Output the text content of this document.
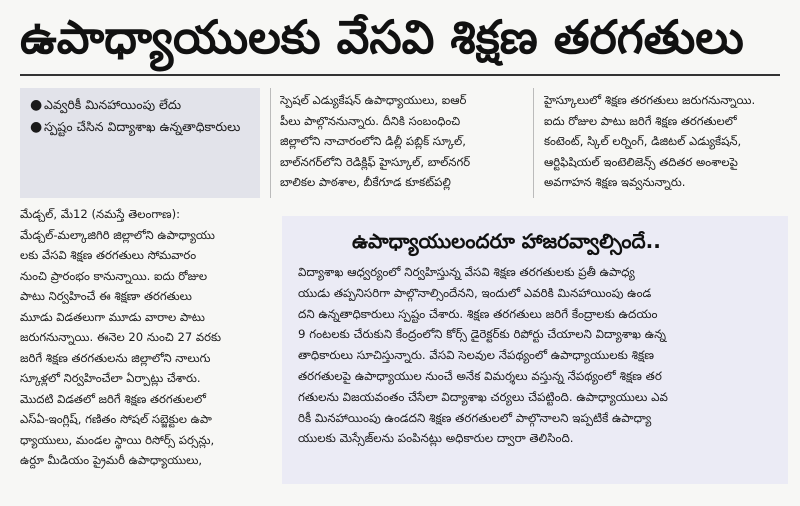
ఉపాధ్యాయులకు వేసవి శిక్షణ తరగతులు
● ఎవ్వరికీ మినహాయింపు లేదు
● స్పష్టం చేసిన విద్యాశాఖ ఉన్నతాధికారులు
మేడ్చల్, మే12 (నమస్తే తెలంగాణ):
మేడ్చల్-మల్కాజిగిరి జిల్లాలోని ఉపాధ్యాయు
లకు వేసవి శిక్షణ తరగతులు సోమవారం
నుంచి ప్రారంభం కానున్నాయి. ఐదు రోజుల
పాటు నిర్వహించే ఈ శిక్షణా తరగతులు
మూడు విడతలుగా మూడు వారాల పాటు
జరుగనున్నాయి. ఈనెల 20 నుంచి 27 వరకు
జరిగే శిక్షణ తరగతులను జిల్లాలోని నాలుగు
స్కూళ్లలో నిర్వహించేలా ఏర్పాట్లు చేశారు.
మొదటి విడతలో జరిగే శిక్షణ తరగతులలో
ఎస్‌ఏ-ఇంగ్లిష్, గణితం సోషల్ సబ్జెక్టుల ఉపా
ధ్యాయులు, మండల స్థాయి రిసోర్స్ పర్సన్లు,
ఉర్దూ మీడియం ప్రైమరీ ఉపాధ్యాయులు,
స్పెషల్ ఎడ్యుకేషన్ ఉపాధ్యాయులు, ఐఆర్
పీలు పాల్గొననున్నారు. దీనికి సంబంధించి
జిల్లాలోని నాచారంలోని డిల్లీ పబ్లిక్ స్కూల్,
బాల్‌నగర్‌లోని రెడిక్లిఫ్ హైస్కూల్, బాల్‌నగర్
బాలికల పాఠశాల, బీకేగూడ కూకట్‌పల్లి
హైస్కూలులో శిక్షణ తరగతులు జరుగనున్నాయి.
ఐదు రోజుల పాటు జరిగే శిక్షణ తరగతులలో
కంటెంట్, స్కిల్ లర్నింగ్, డిజిటల్ ఎడ్యుకేషన్,
ఆర్టిఫిషియల్ ఇంటెలిజెన్స్ తదితర అంశాలపై
అవగాహన శిక్షణ ఇవ్వనున్నారు.
ఉపాధ్యాయులందరూ హాజరవ్వాల్సిందే..
విద్యాశాఖ ఆధ్వర్యంలో నిర్వహిస్తున్న వేసవి శిక్షణ తరగతులకు ప్రతీ ఉపాధ్య
యుడు తప్పనిసరిగా పాల్గొనాల్సిందేనని, ఇందులో ఎవరికి మినహాయింపు ఉండ
దని ఉన్నతాధికారులు స్పష్టం చేశారు. శిక్షణ తరగతులు జరిగే కేంద్రాలకు ఉదయం
9 గంటలకు చేరుకుని కేంద్రంలోని కోర్స్ డైరెక్టర్‌కు రిపోర్టు చేయాలని విద్యాశాఖ ఉన్న
తాధికారులు సూచిస్తున్నారు. వేసవి సెలవుల నేపథ్యంలో ఉపాధ్యాయులకు శిక్షణ
తరగతులపై ఉపాధ్యాయుల నుంచే అనేక విమర్శలు వస్తున్న నేపథ్యంలో శిక్షణ తర
గతులను విజయవంతం చేసేలా విద్యాశాఖ చర్యలు చేపట్టింది. ఉపాధ్యాయులు ఎవ
రికీ మినహాయింపు ఉండదని శిక్షణ తరగతులలో పాల్గొనాలని ఇప్పటికే ఉపాధ్యా
యులకు మెస్సేజ్‌లను పంపినట్లు అధికారుల ద్వారా తెలిసింది.
